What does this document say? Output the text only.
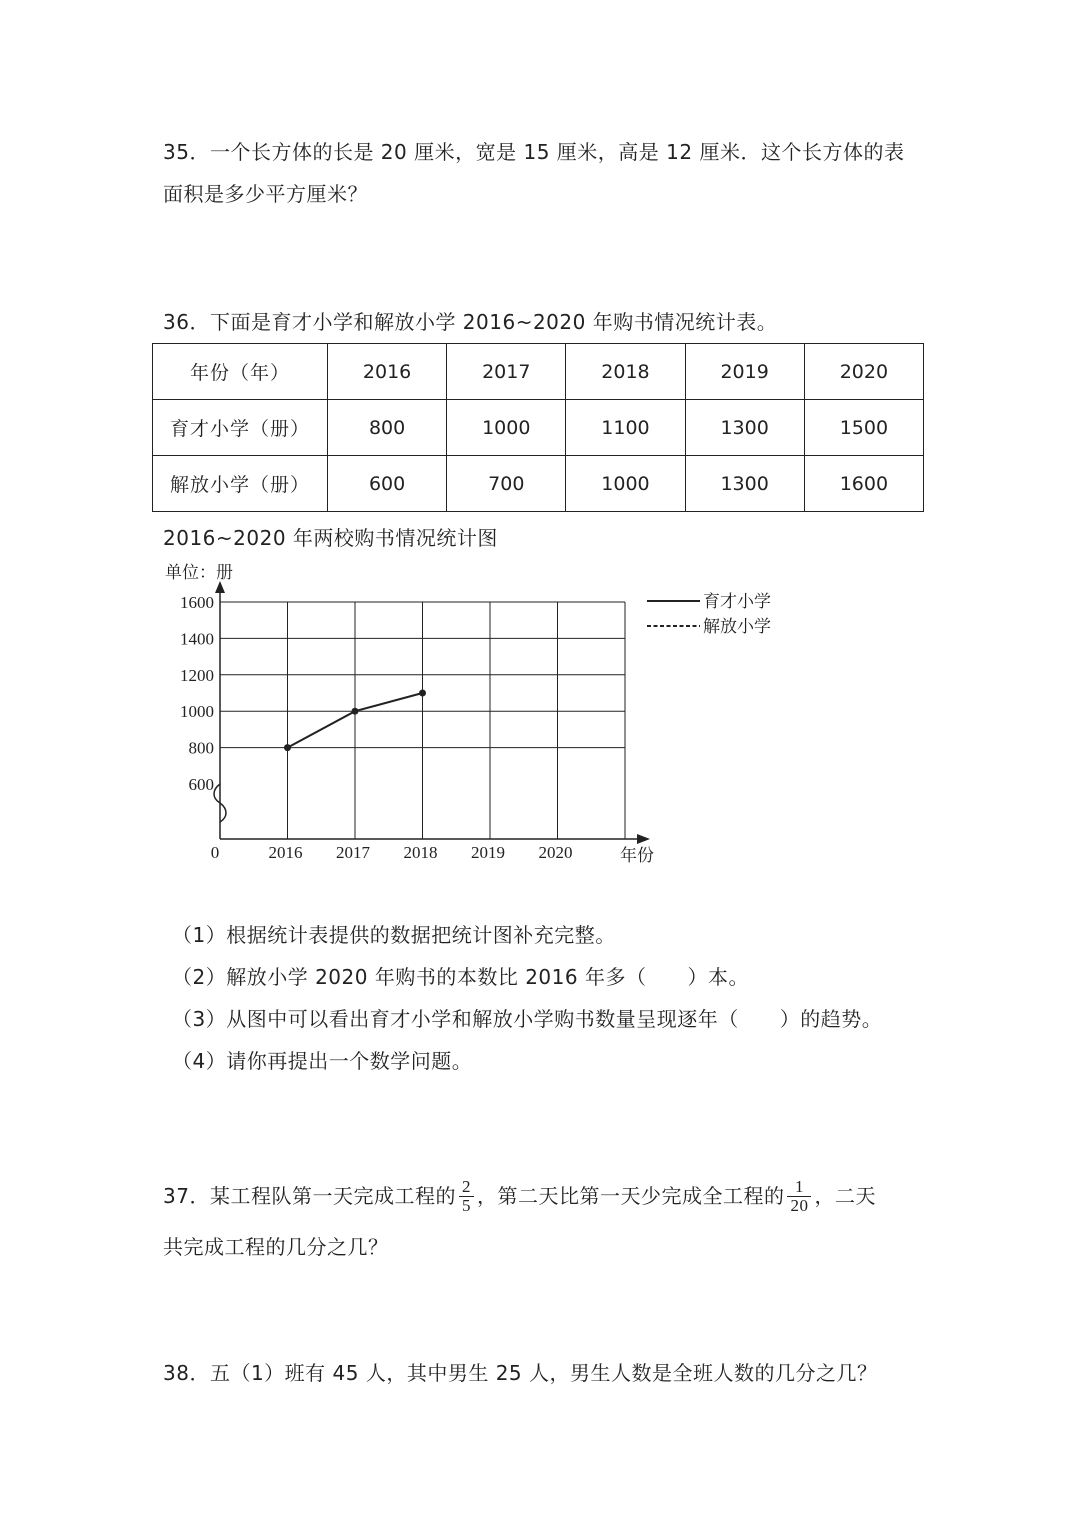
35．一个长方体的长是 20 厘米，宽是 15 厘米，高是 12 厘米．这个长方体的表
面积是多少平方厘米？
36．下面是育才小学和解放小学 2016~2020 年购书情况统计表。
年份（年）	2016	2017	2018	2019	2020
育才小学（册）	800	1000	1100	1300	1500
解放小学（册）	600	700	1000	1300	1600
2016~2020 年两校购书情况统计图
单位：册
0	年份
600
800
1000
1200
1400
1600
2016 2017 2018 2019 2020
育才小学
解放小学
（1）根据统计表提供的数据把统计图补充完整。
（2）解放小学 2020 年购书的本数比 2016 年多（　　）本。
（3）从图中可以看出育才小学和解放小学购书数量呈现逐年（　　）的趋势。
（4）请你再提出一个数学问题。
37．某工程队第一天完成工程的 $\frac{2}{5}$ ，第二天比第一天少完成全工程的 $\frac{1}{20}$ ，二天
共完成工程的几分之几？
38．五（1）班有 45 人，其中男生 25 人，男生人数是全班人数的几分之几？
